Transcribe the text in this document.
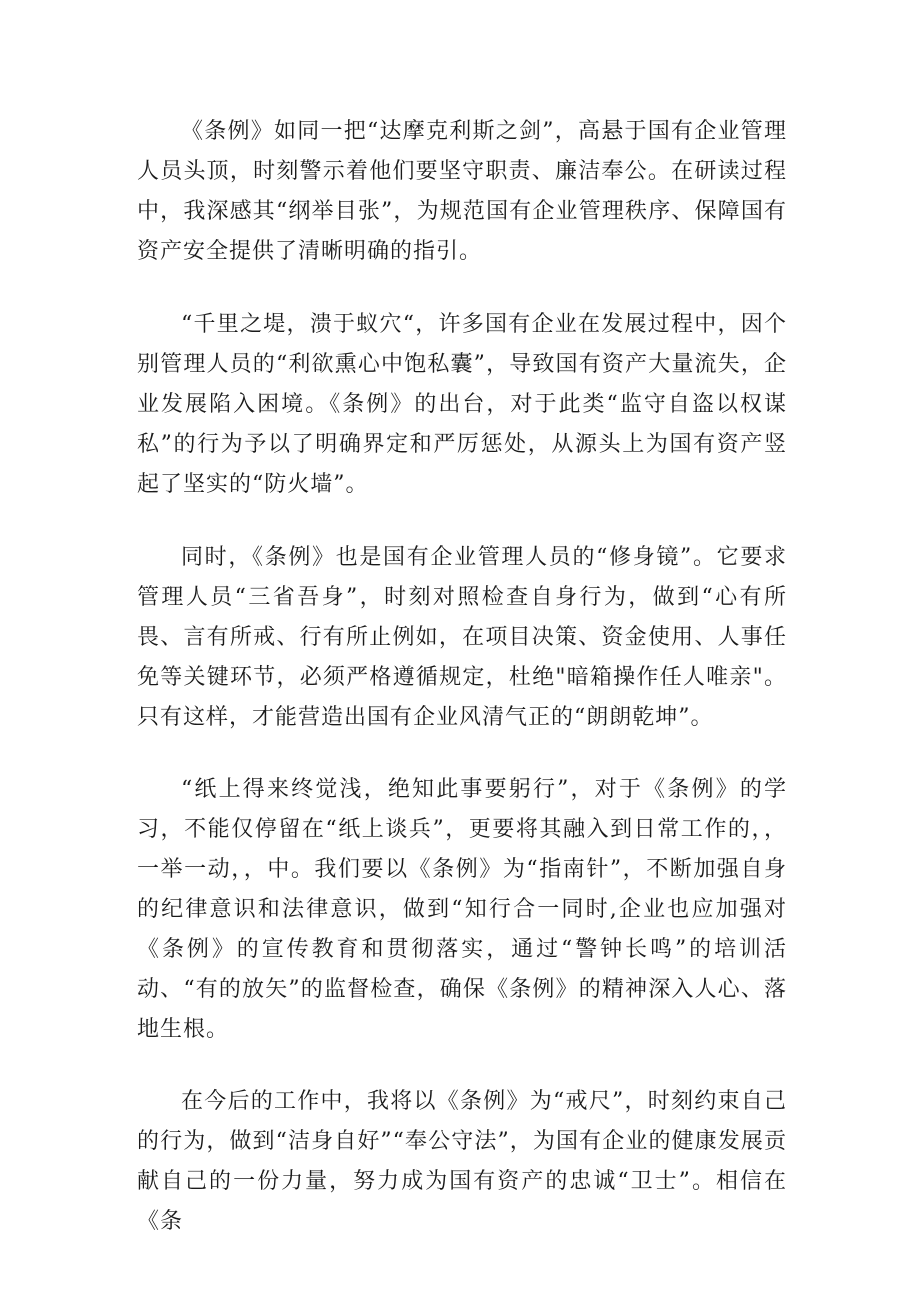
《条例》如同一把“达摩克利斯之剑”，高悬于国有企业管理人员头顶，时刻警示着他们要坚守职责、廉洁奉公。在研读过程中，我深感其“纲举目张”，为规范国有企业管理秩序、保障国有资产安全提供了清晰明确的指引。

“千里之堤，溃于蚁穴“，许多国有企业在发展过程中，因个别管理人员的“利欲熏心中饱私囊”，导致国有资产大量流失，企业发展陷入困境。《条例》的出台，对于此类“监守自盗以权谋私”的行为予以了明确界定和严厉惩处，从源头上为国有资产竖起了坚实的“防火墙”。

同时，《条例》也是国有企业管理人员的“修身镜”。它要求管理人员“三省吾身”，时刻对照检查自身行为，做到“心有所畏、言有所戒、行有所止例如，在项目决策、资金使用、人事任免等关键环节，必须严格遵循规定，杜绝"暗箱操作任人唯亲"。只有这样，才能营造出国有企业风清气正的“朗朗乾坤”。

“纸上得来终觉浅，绝知此事要躬行”，对于《条例》的学习，不能仅停留在“纸上谈兵”，更要将其融入到日常工作的，，一举一动，，中。我们要以《条例》为“指南针”，不断加强自身的纪律意识和法律意识，做到“知行合一同时,企业也应加强对《条例》的宣传教育和贯彻落实，通过“警钟长鸣”的培训活动、“有的放矢”的监督检查，确保《条例》的精神深入人心、落地生根。

在今后的工作中，我将以《条例》为“戒尺”，时刻约束自己的行为，做到“洁身自好”“奉公守法”，为国有企业的健康发展贡献自己的一份力量，努力成为国有资产的忠诚“卫士”。相信在《条
